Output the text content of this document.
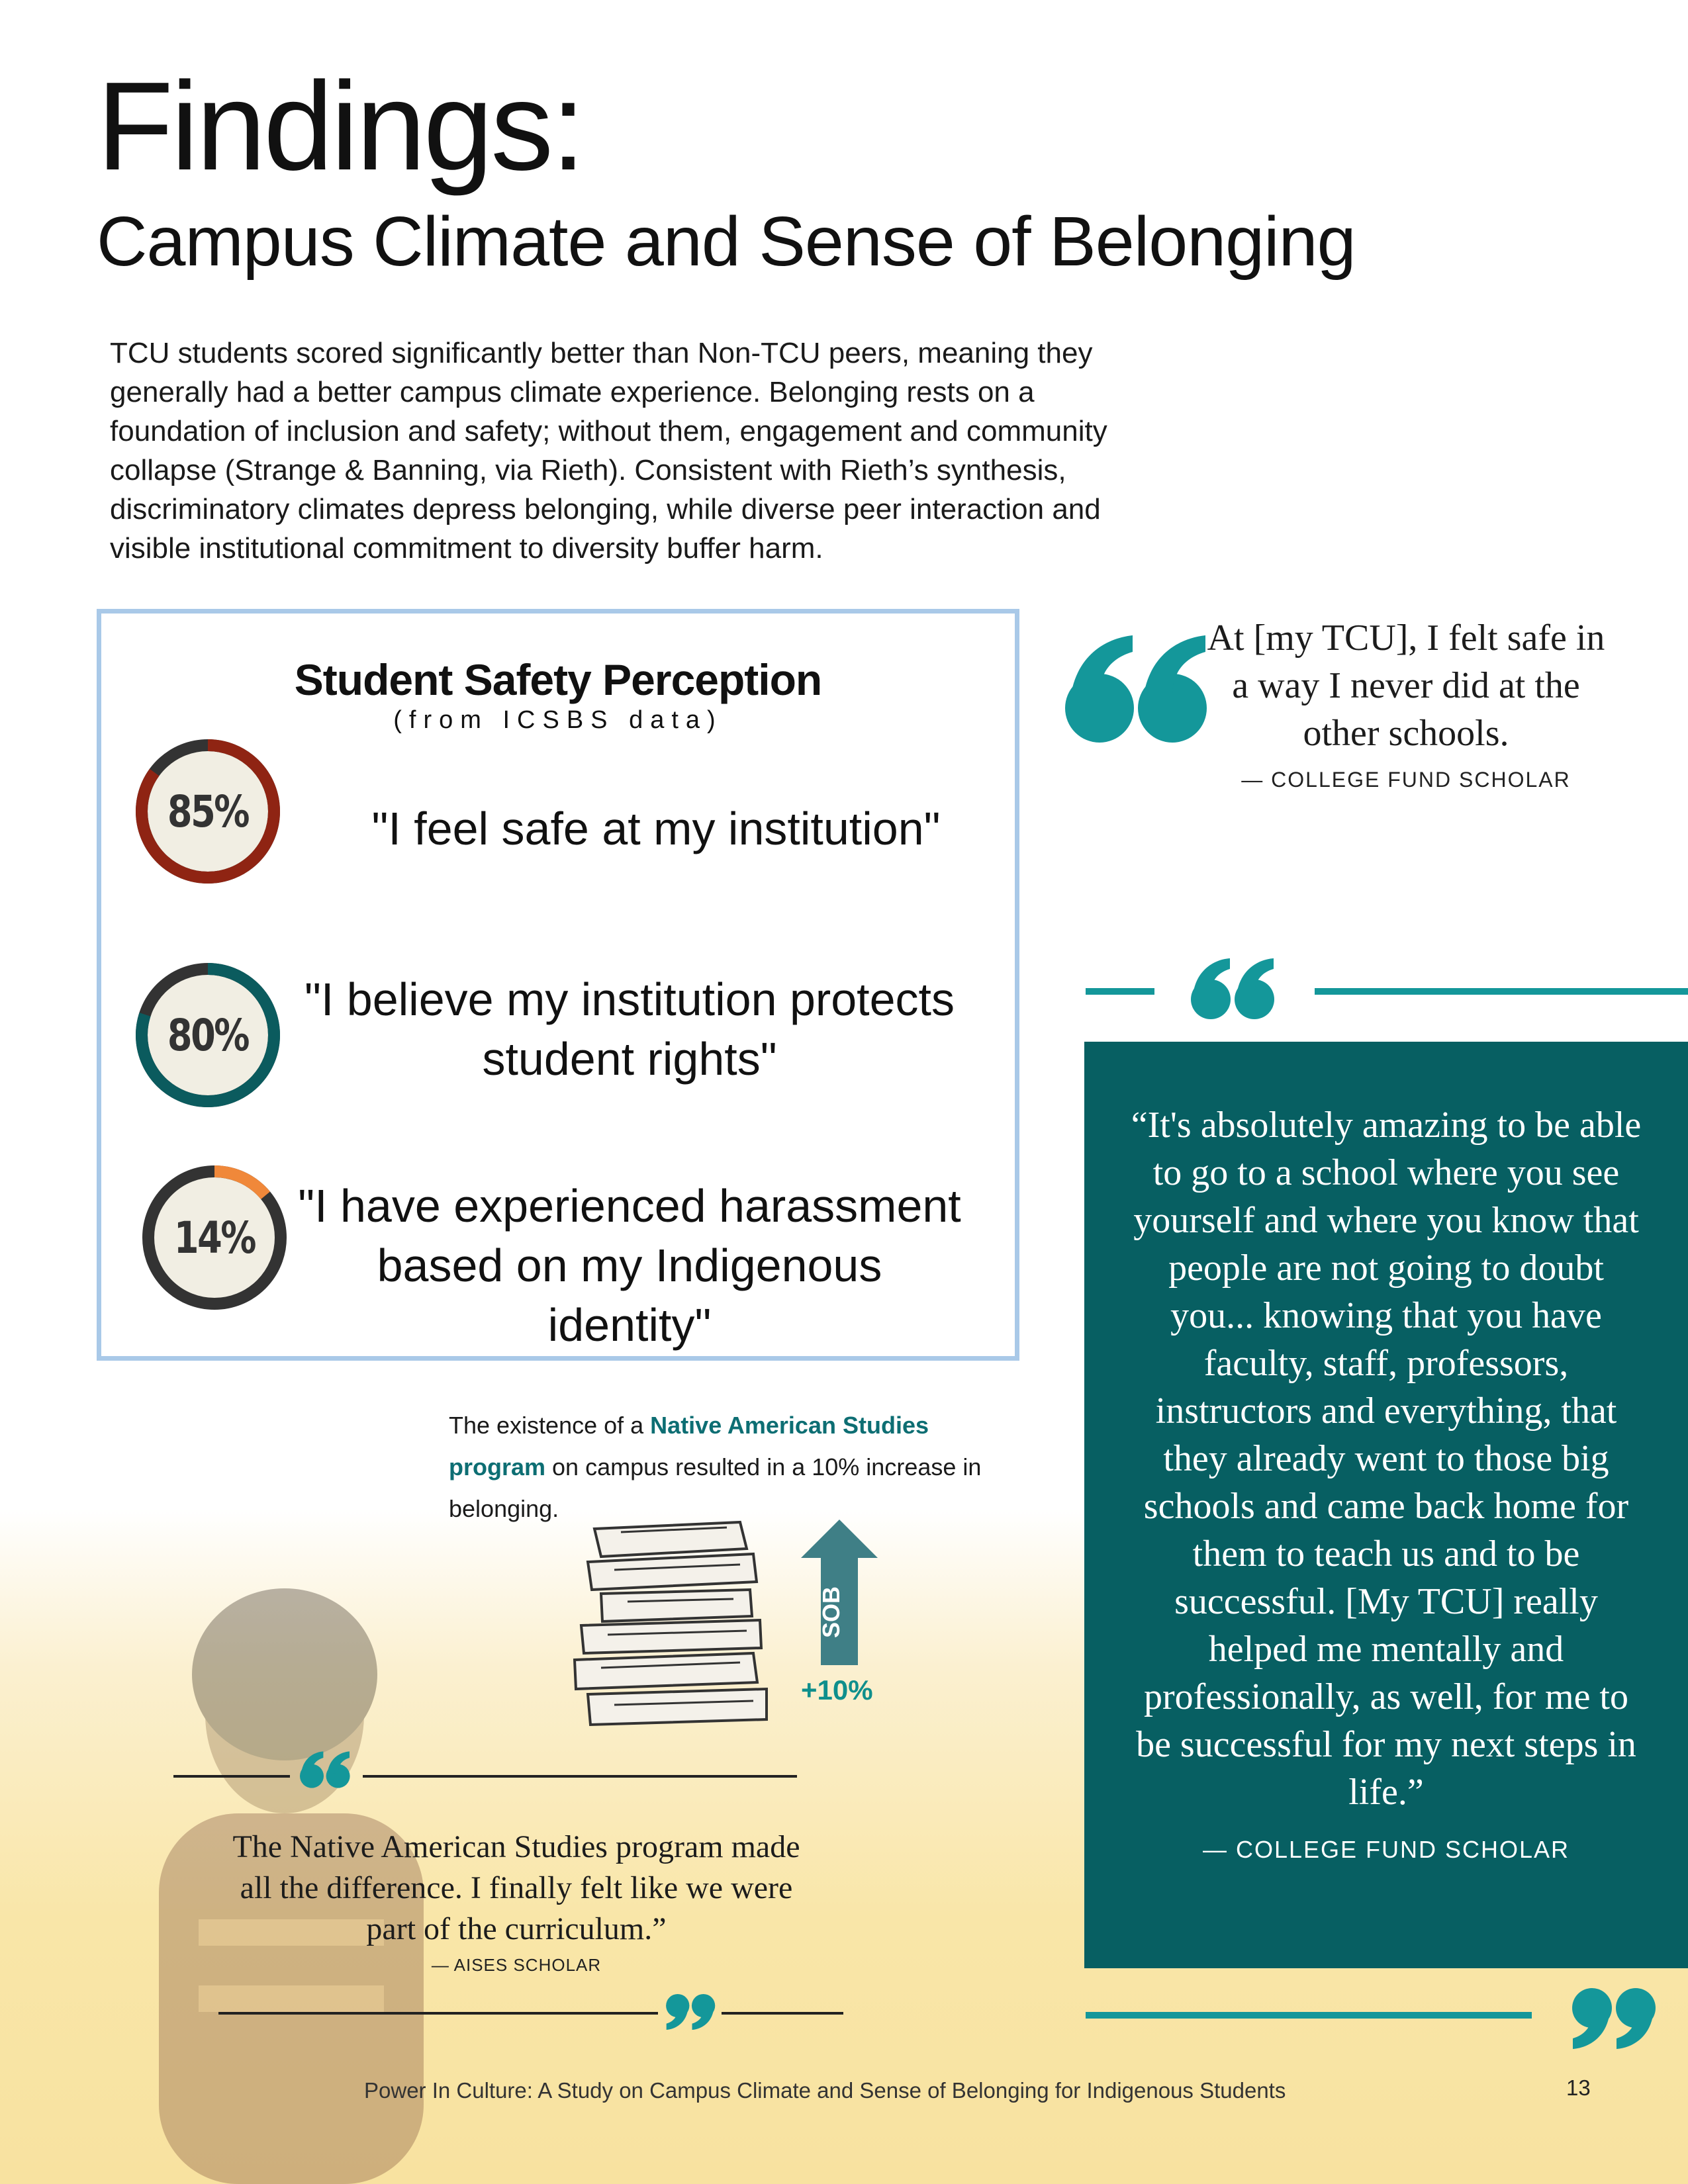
Findings:
Campus Climate and Sense of Belonging

TCU students scored significantly better than Non-TCU peers, meaning they generally had a better campus climate experience. Belonging rests on a foundation of inclusion and safety; without them, engagement and community collapse (Strange & Banning, via Rieth). Consistent with Rieth’s synthesis, discriminatory climates depress belonging, while diverse peer interaction and visible institutional commitment to diversity buffer harm.

Student Safety Perception
(from ICSBS data)
85%	"I feel safe at my institution"
80%
"I believe my institution protects student rights"
14%
"I have experienced harassment based on my Indigenous identity"
At [my TCU], I felt safe in a way I never did at the other schools.
— COLLEGE FUND SCHOLAR
“It's absolutely amazing to be able to go to a school where you see yourself and where you know that people are not going to doubt you... knowing that you have faculty, staff, professors, instructors and everything, that they already went to those big schools and came back home for them to teach us and to be successful. [My TCU] really helped me mentally and professionally, as well, for me to be successful for my next steps in life.”
— COLLEGE FUND SCHOLAR

The existence of a Native American Studies program on campus resulted in a 10% increase in belonging.

SOB
+10%
The Native American Studies program made all the difference. I finally felt like we were part of the curriculum.”
— AISES SCHOLAR
Power In Culture: A Study on Campus Climate and Sense of Belonging for Indigenous Students	13
